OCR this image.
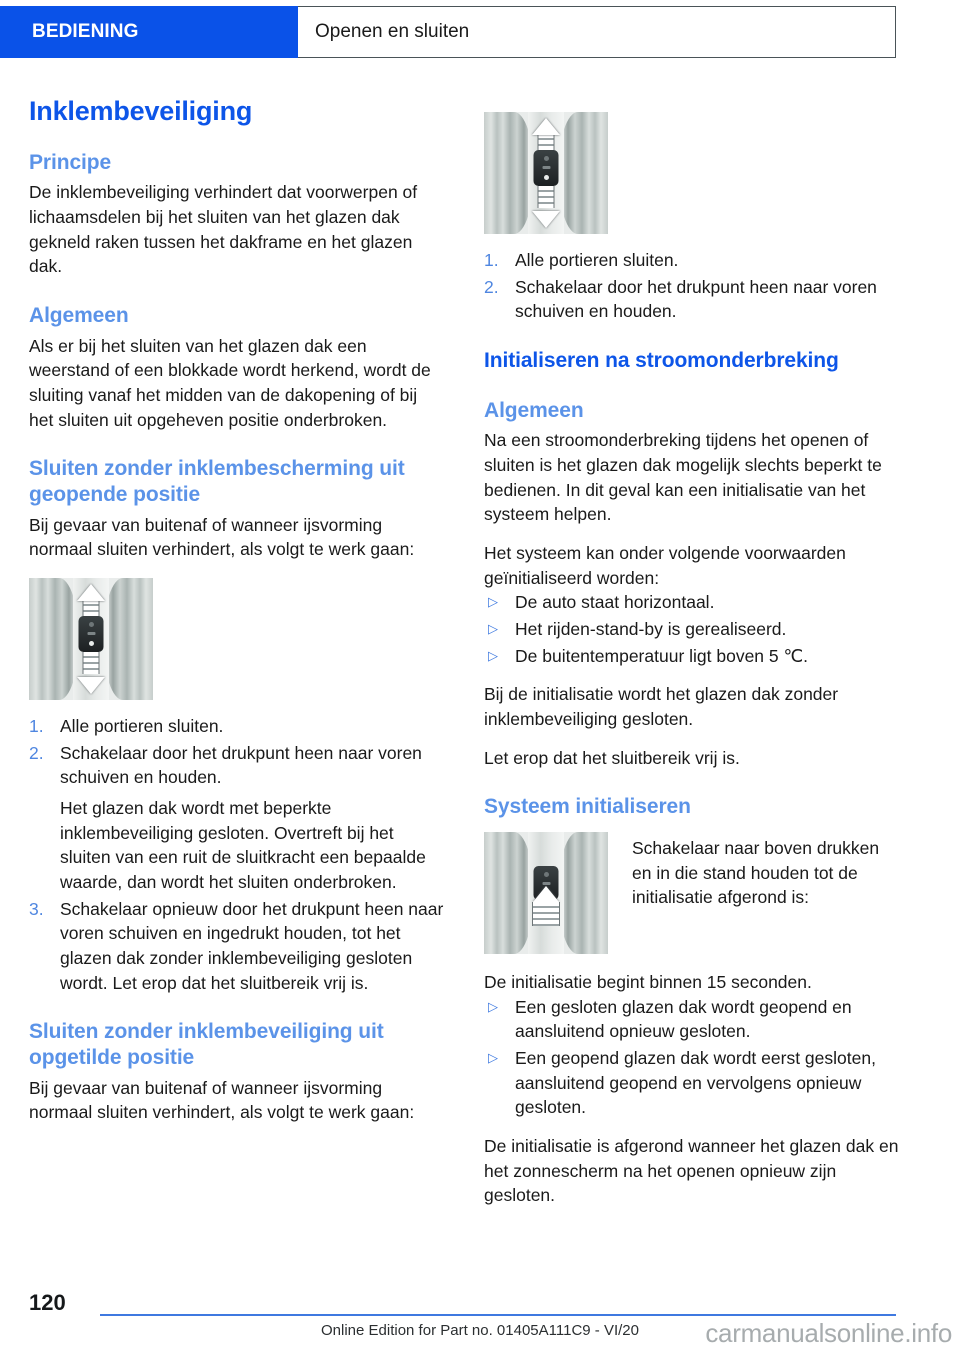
BEDIENING	Openen en sluiten
Inklembeveiliging
Principe

De inklembeveiliging verhindert dat voorwerpen of lichaamsdelen bij het sluiten van het glazen dak gekneld raken tussen het dakframe en het glazen dak.

Algemeen

Als er bij het sluiten van het glazen dak een weerstand of een blokkade wordt herkend, wordt de sluiting vanaf het midden van de dakopening of bij het sluiten uit opgeheven positie onderbroken.

Sluiten zonder inklembescherming uit geopende positie

Bij gevaar van buitenaf of wanneer ijsvorming normaal sluiten verhindert, als volgt te werk gaan:

1. Alle portieren sluiten.
2. Schakelaar door het drukpunt heen naar voren schuiven en houden.
Het glazen dak wordt met beperkte inklembeveiliging gesloten. Overtreft bij het sluiten van een ruit de sluitkracht een bepaalde waarde, dan wordt het sluiten onderbroken.
3. Schakelaar opnieuw door het drukpunt heen naar voren schuiven en ingedrukt houden, tot het glazen dak zonder inklembeveiliging gesloten wordt. Let erop dat het sluitbereik vrij is.
Sluiten zonder inklembeveiliging uit opgetilde positie

Bij gevaar van buitenaf of wanneer ijsvorming normaal sluiten verhindert, als volgt te werk gaan:

1. Alle portieren sluiten.
2. Schakelaar door het drukpunt heen naar voren schuiven en houden.
Initialiseren na stroomonderbreking
Algemeen

Na een stroomonderbreking tijdens het openen of sluiten is het glazen dak mogelijk slechts beperkt te bedienen. In dit geval kan een initialisatie van het systeem helpen.

Het systeem kan onder volgende voorwaarden geïnitialiseerd worden:

▷ De auto staat horizontaal.
▷ Het rijden-stand-by is gerealiseerd.
▷ De buitentemperatuur ligt boven 5 ℃.

Bij de initialisatie wordt het glazen dak zonder inklembeveiliging gesloten.

Let erop dat het sluitbereik vrij is.

Systeem initialiseren
Schakelaar naar boven drukken en in die stand houden tot de initialisatie afgerond is:

De initialisatie begint binnen 15 seconden.

▷ Een gesloten glazen dak wordt geopend en aansluitend opnieuw gesloten.
▷ Een geopend glazen dak wordt eerst gesloten, aansluitend geopend en vervolgens opnieuw gesloten.

De initialisatie is afgerond wanneer het glazen dak en het zonnescherm na het openen opnieuw zijn gesloten.

120
Online Edition for Part no. 01405A111C9 - VI/20	carmanualsonline.info
